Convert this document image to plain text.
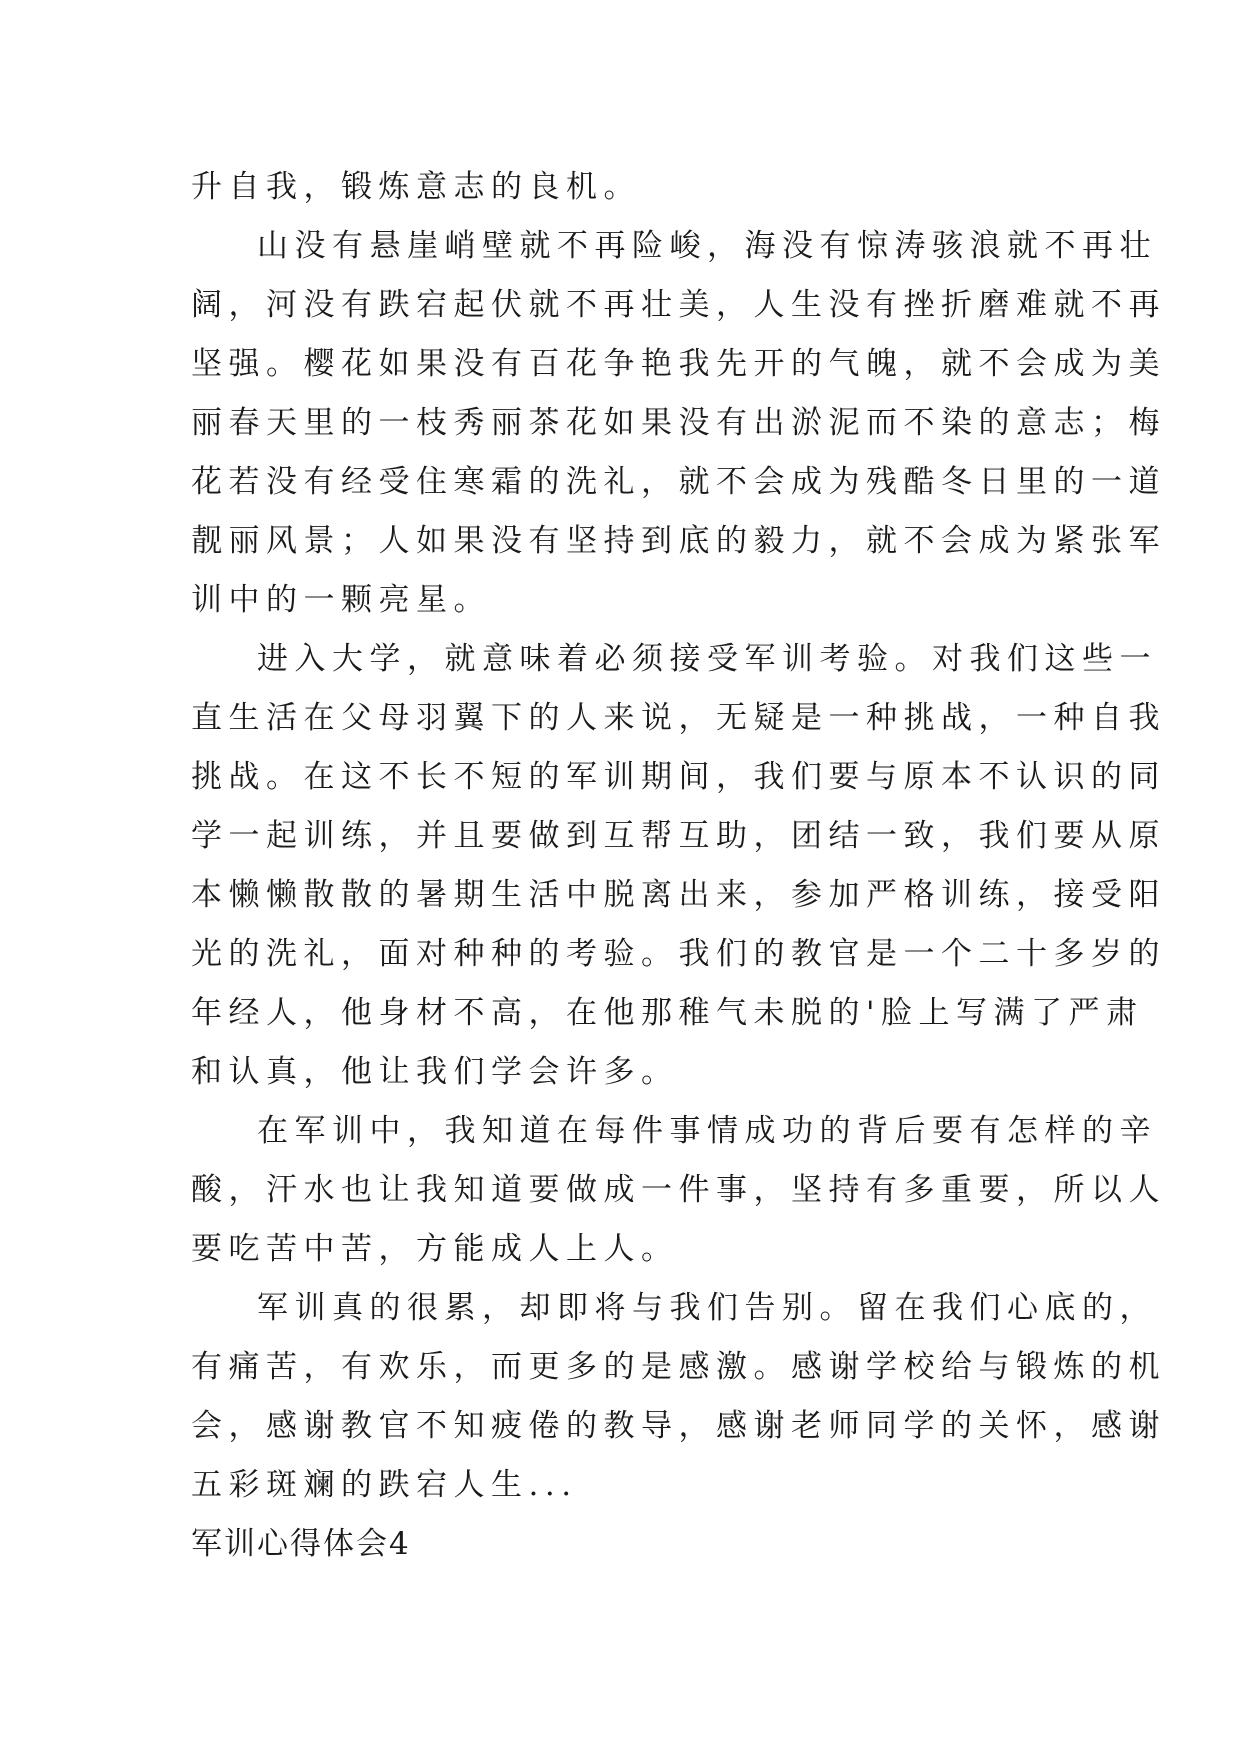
升自我，锻炼意志的良机。
山没有悬崖峭壁就不再险峻，海没有惊涛骇浪就不再壮
阔，河没有跌宕起伏就不再壮美，人生没有挫折磨难就不再
坚强。樱花如果没有百花争艳我先开的气魄，就不会成为美
丽春天里的一枝秀丽茶花如果没有出淤泥而不染的意志；梅
花若没有经受住寒霜的洗礼，就不会成为残酷冬日里的一道
靓丽风景；人如果没有坚持到底的毅力，就不会成为紧张军
训中的一颗亮星。
进入大学，就意味着必须接受军训考验。对我们这些一
直生活在父母羽翼下的人来说，无疑是一种挑战，一种自我
挑战。在这不长不短的军训期间，我们要与原本不认识的同
学一起训练，并且要做到互帮互助，团结一致，我们要从原
本懒懒散散的暑期生活中脱离出来，参加严格训练，接受阳
光的洗礼，面对种种的考验。我们的教官是一个二十多岁的
年经人，他身材不高，在他那稚气未脱的'脸上写满了严肃
和认真，他让我们学会许多。
在军训中，我知道在每件事情成功的背后要有怎样的辛
酸，汗水也让我知道要做成一件事，坚持有多重要，所以人
要吃苦中苦，方能成人上人。
军训真的很累，却即将与我们告别。留在我们心底的，
有痛苦，有欢乐，而更多的是感激。感谢学校给与锻炼的机
会，感谢教官不知疲倦的教导，感谢老师同学的关怀，感谢
五彩斑斓的跌宕人生...
军训心得体会4
